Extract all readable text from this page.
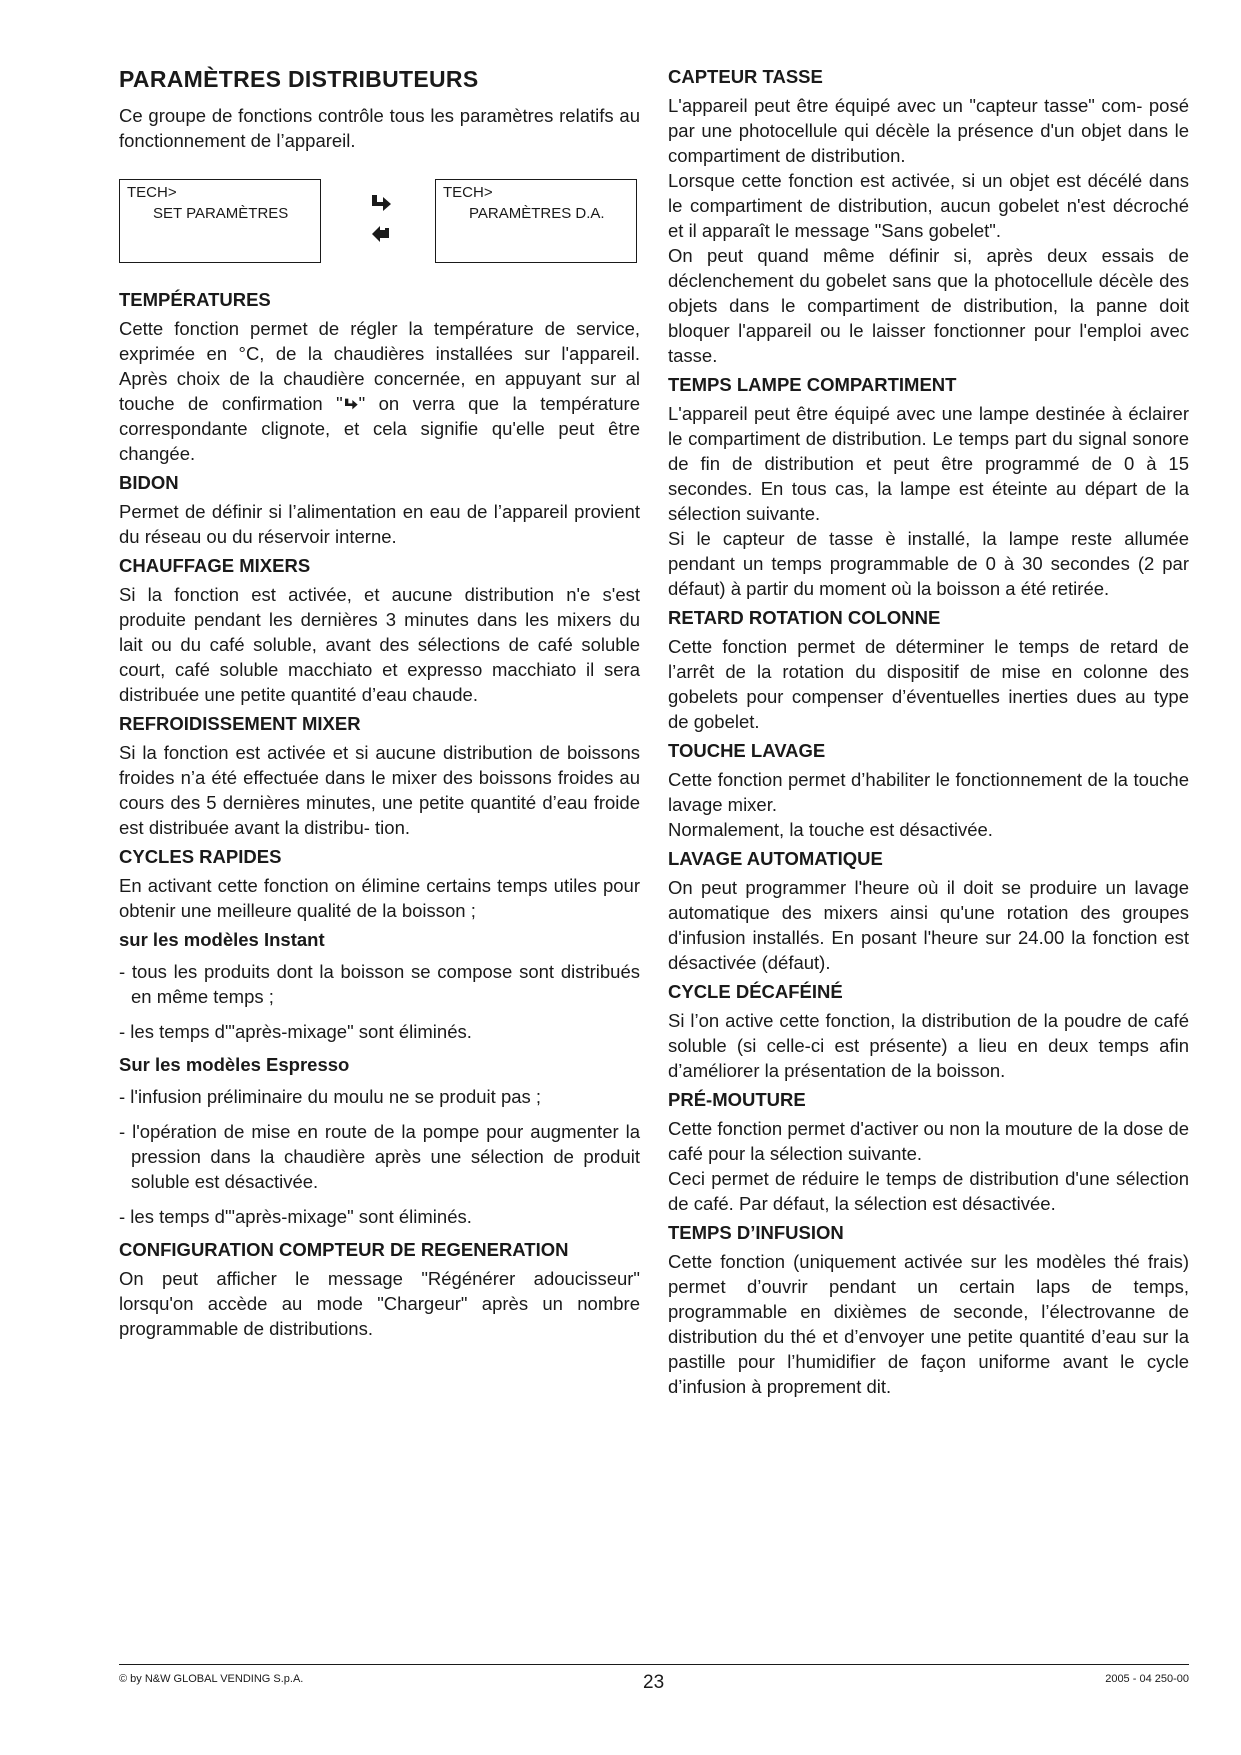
PARAMÈTRES DISTRIBUTEURS

Ce groupe de fonctions contrôle tous les paramètres relatifs au fonctionnement de l’appareil.

TECH>
SET PARAMÈTRES
TECH>
PARAMÈTRES D.A.
TEMPÉRATURES

Cette fonction permet de régler la température de service, exprimée en °C, de la chaudières installées sur l'appareil. Après choix de la chaudière concernée, en appuyant sur al touche de confirmation " " on verra que la température correspondante clignote, et cela signifie qu'elle peut être changée.

BIDON

Permet de définir si l’alimentation en eau de l’appareil provient du réseau ou du réservoir interne.

CHAUFFAGE MIXERS

Si la fonction est activée, et aucune distribution n'e s'est produite pendant les dernières 3 minutes dans les mixers du lait ou du café soluble, avant des sélections de café soluble court, café soluble macchiato et expresso macchiato il sera distribuée une petite quantité d’eau chaude.

REFROIDISSEMENT MIXER

Si la fonction est activée et si aucune distribution de boissons froides n’a été effectuée dans le mixer des boissons froides au cours des 5 dernières minutes, une petite quantité d’eau froide est distribuée avant la distribu- tion.

CYCLES RAPIDES

En activant cette fonction on élimine certains temps utiles pour obtenir une meilleure qualité de la boisson ;

sur les modèles Instant
- tous les produits dont la boisson se compose sont distribués en même temps ;
- les temps d'"après-mixage" sont éliminés.
Sur les modèles Espresso
- l'infusion préliminaire du moulu ne se produit pas ;
- l'opération de mise en route de la pompe pour augmenter la pression dans la chaudière après une sélection de produit soluble est désactivée.
- les temps d'"après-mixage" sont éliminés.
CONFIGURATION COMPTEUR DE REGENERATION

On peut afficher le message "Régénérer adoucisseur" lorsqu'on accède au mode "Chargeur" après un nombre programmable de distributions.

CAPTEUR TASSE

L'appareil peut être équipé avec un "capteur tasse" com- posé par une photocellule qui décèle la présence d'un objet dans le compartiment de distribution.

Lorsque cette fonction est activée, si un objet est décélé dans le compartiment de distribution, aucun gobelet n'est décroché et il apparaît le message "Sans gobelet".

On peut quand même définir si, après deux essais de déclenchement du gobelet sans que la photocellule décèle des objets dans le compartiment de distribution, la panne doit bloquer l'appareil ou le laisser fonctionner pour l'emploi avec tasse.

TEMPS LAMPE COMPARTIMENT

L'appareil peut être équipé avec une lampe destinée à éclairer le compartiment de distribution. Le temps part du signal sonore de fin de distribution et peut être programmé de 0 à 15 secondes. En tous cas, la lampe est éteinte au départ de la sélection suivante.

Si le capteur de tasse è installé, la lampe reste allumée pendant un temps programmable de 0 à 30 secondes (2 par défaut) à partir du moment où la boisson a été retirée.

RETARD ROTATION COLONNE

Cette fonction permet de déterminer le temps de retard de l’arrêt de la rotation du dispositif de mise en colonne des gobelets pour compenser d’éventuelles inerties dues au type de gobelet.

TOUCHE LAVAGE

Cette fonction permet d’habiliter le fonctionnement de la touche lavage mixer.

Normalement, la touche est désactivée.

LAVAGE AUTOMATIQUE

On peut programmer l'heure où il doit se produire un lavage automatique des mixers ainsi qu'une rotation des groupes d'infusion installés. En posant l'heure sur 24.00 la fonction est désactivée (défaut).

CYCLE DÉCAFÉINÉ

Si l’on active cette fonction, la distribution de la poudre de café soluble (si celle-ci est présente) a lieu en deux temps afin d’améliorer la présentation de la boisson.

PRÉ-MOUTURE

Cette fonction permet d'activer ou non la mouture de la dose de café pour la sélection suivante.

Ceci permet de réduire le temps de distribution d'une sélection de café. Par défaut, la sélection est désactivée.

TEMPS D’INFUSION

Cette fonction (uniquement activée sur les modèles thé frais) permet d’ouvrir pendant un certain laps de temps, programmable en dixièmes de seconde, l’électrovanne de distribution du thé et d’envoyer une petite quantité d’eau sur la pastille pour l’humidifier de façon uniforme avant le cycle d’infusion à proprement dit.

© by N&W GLOBAL VENDING S.p.A.	23	2005 - 04 250-00
